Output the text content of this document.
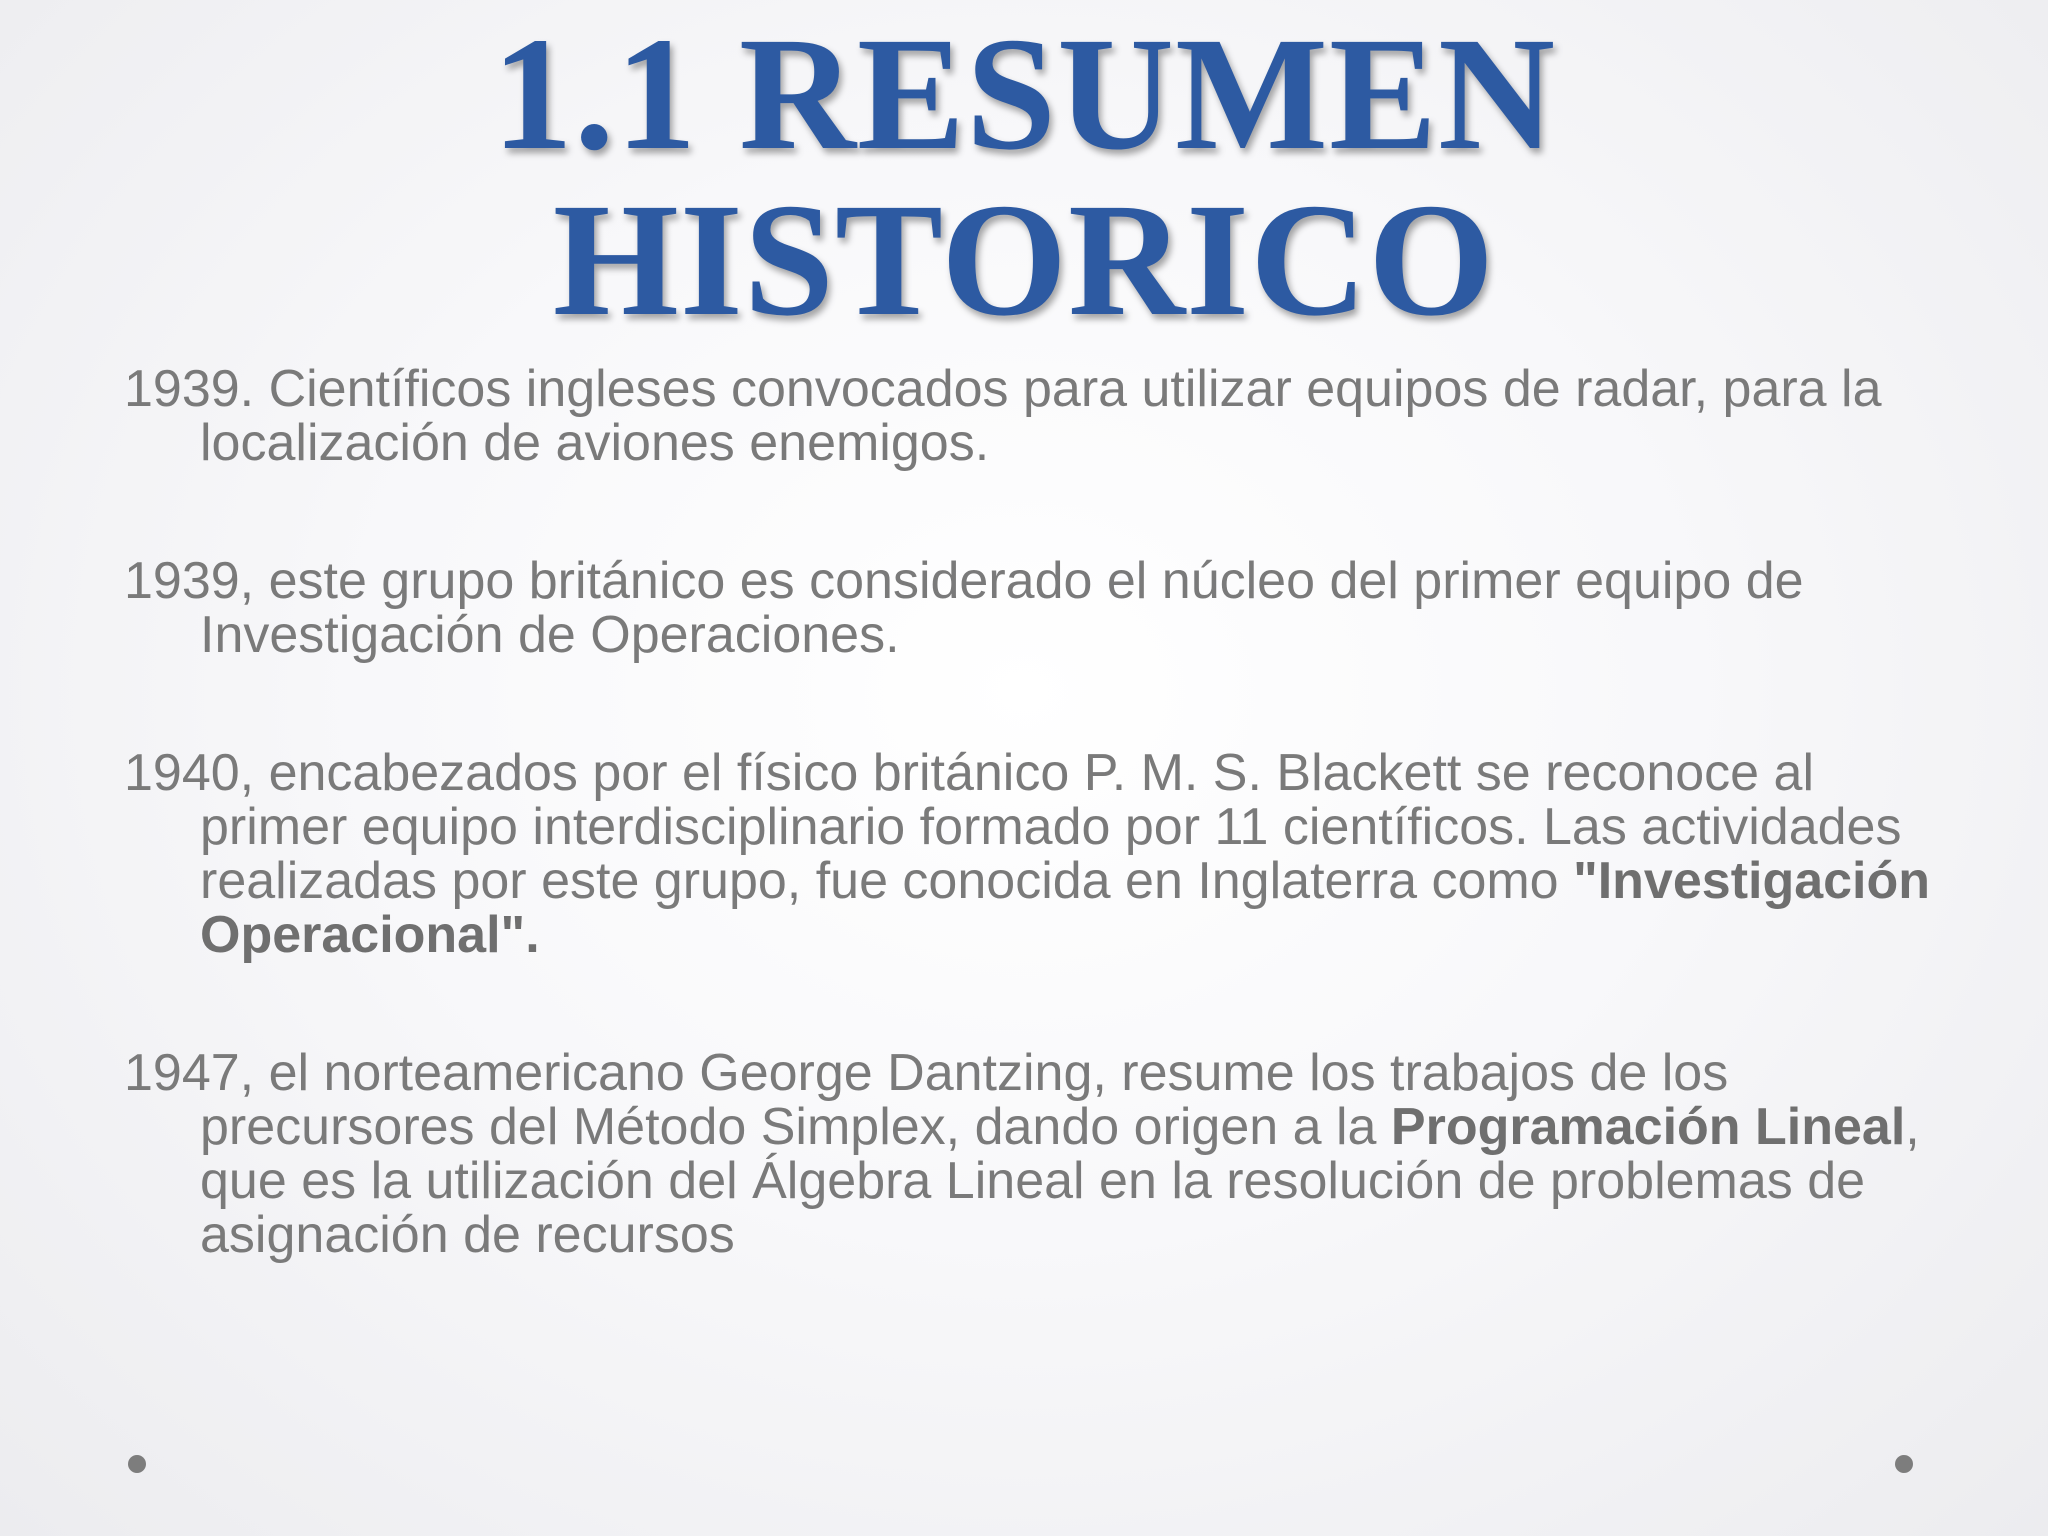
1.1 RESUMEN
HISTORICO

1939. Científicos ingleses convocados para utilizar equipos de radar, para la localización de aviones enemigos.

1939, este grupo británico es considerado el núcleo del primer equipo de Investigación de Operaciones.

1940, encabezados por el físico británico P. M. S. Blackett se reconoce al primer equipo interdisciplinario formado por 11 científicos. Las actividades realizadas por este grupo, fue conocida en Inglaterra como "Investigación Operacional".

1947, el norteamericano George Dantzing, resume los trabajos de los precursores del Método Simplex, dando origen a la Programación Lineal, que es la utilización del Álgebra Lineal en la resolución de problemas de asignación de recursos
